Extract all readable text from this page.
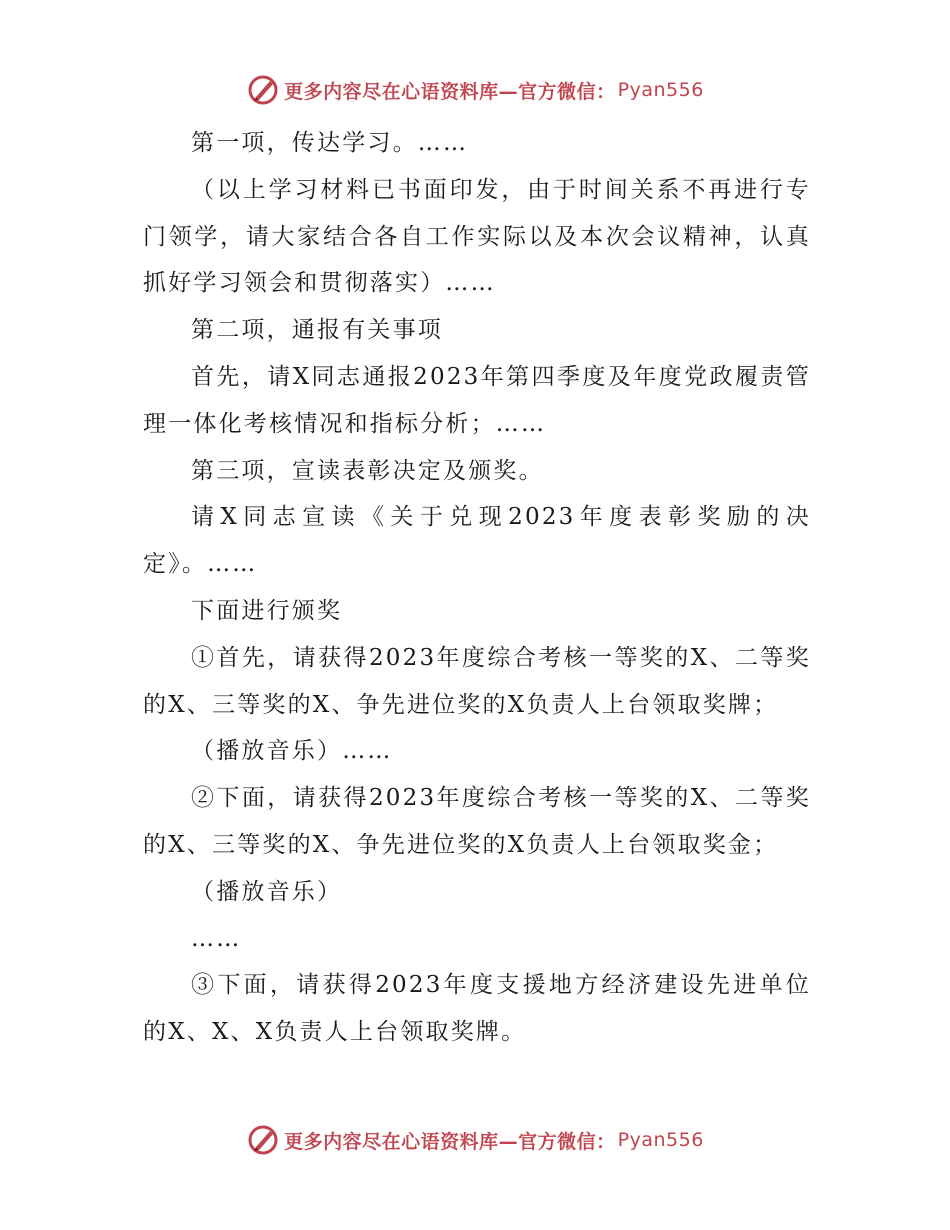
更多内容尽在心语资料库—官方微信： Pyan556

第一项，传达学习。……

（以上学习材料已书面印发，由于时间关系不再进行专门领学，请大家结合各自工作实际以及本次会议精神，认真抓好学习领会和贯彻落实）……

第二项，通报有关事项

首先，请X同志通报2023年第四季度及年度党政履责管理一体化考核情况和指标分析；……

第三项，宣读表彰决定及颁奖。

请X同志宣读《关于兑现2023年度表彰奖励的决定》。……

下面进行颁奖

①首先，请获得2023年度综合考核一等奖的X、二等奖的X、三等奖的X、争先进位奖的X负责人上台领取奖牌；

（播放音乐）……

②下面，请获得2023年度综合考核一等奖的X、二等奖的X、三等奖的X、争先进位奖的X负责人上台领取奖金；

（播放音乐）

……

③下面，请获得2023年度支援地方经济建设先进单位的X、X、X负责人上台领取奖牌。

更多内容尽在心语资料库—官方微信： Pyan556
